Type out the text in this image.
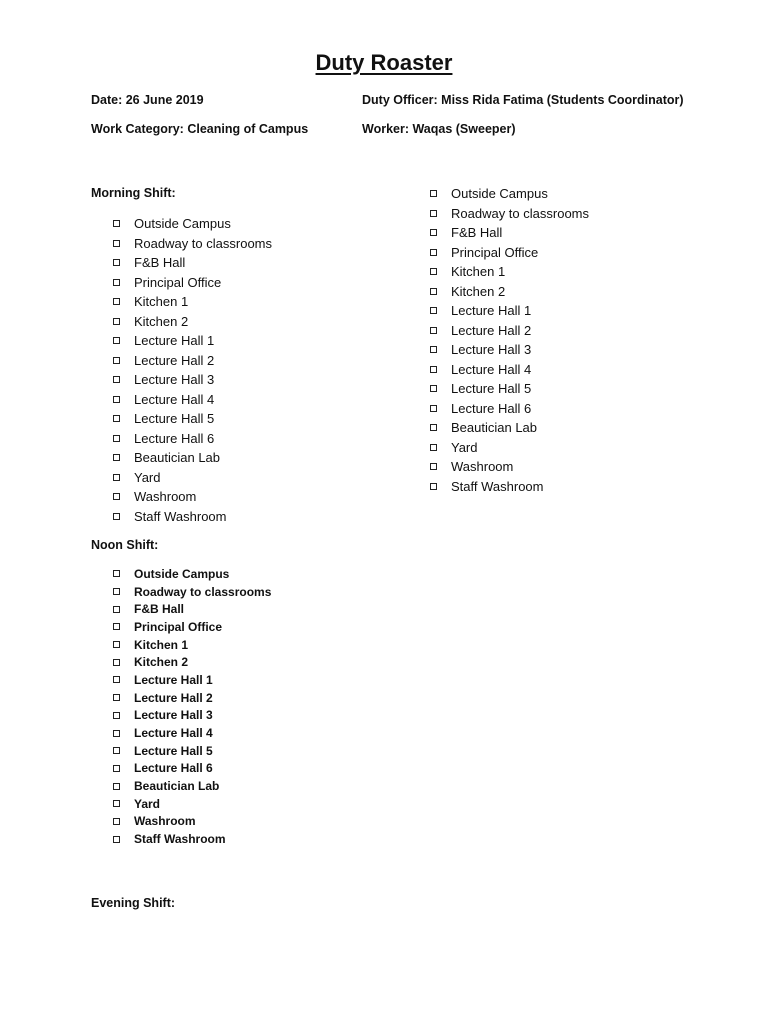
Duty Roaster
Date: 26 June 2019	Duty Officer: Miss Rida Fatima (Students Coordinator)
Work Category: Cleaning of Campus	Worker: Waqas (Sweeper)
Morning Shift:
Outside Campus
Roadway to classrooms
F&B Hall
Principal Office
Kitchen 1
Kitchen 2
Lecture Hall 1
Lecture Hall 2
Lecture Hall 3
Lecture Hall 4
Lecture Hall 5
Lecture Hall 6
Beautician Lab
Yard
Washroom
Staff Washroom
Outside Campus
Roadway to classrooms
F&B Hall
Principal Office
Kitchen 1
Kitchen 2
Lecture Hall 1
Lecture Hall 2
Lecture Hall 3
Lecture Hall 4
Lecture Hall 5
Lecture Hall 6
Beautician Lab
Yard
Washroom
Staff Washroom
Noon Shift:
Outside Campus
Roadway to classrooms
F&B Hall
Principal Office
Kitchen 1
Kitchen 2
Lecture Hall 1
Lecture Hall 2
Lecture Hall 3
Lecture Hall 4
Lecture Hall 5
Lecture Hall 6
Beautician Lab
Yard
Washroom
Staff Washroom
Evening Shift:
